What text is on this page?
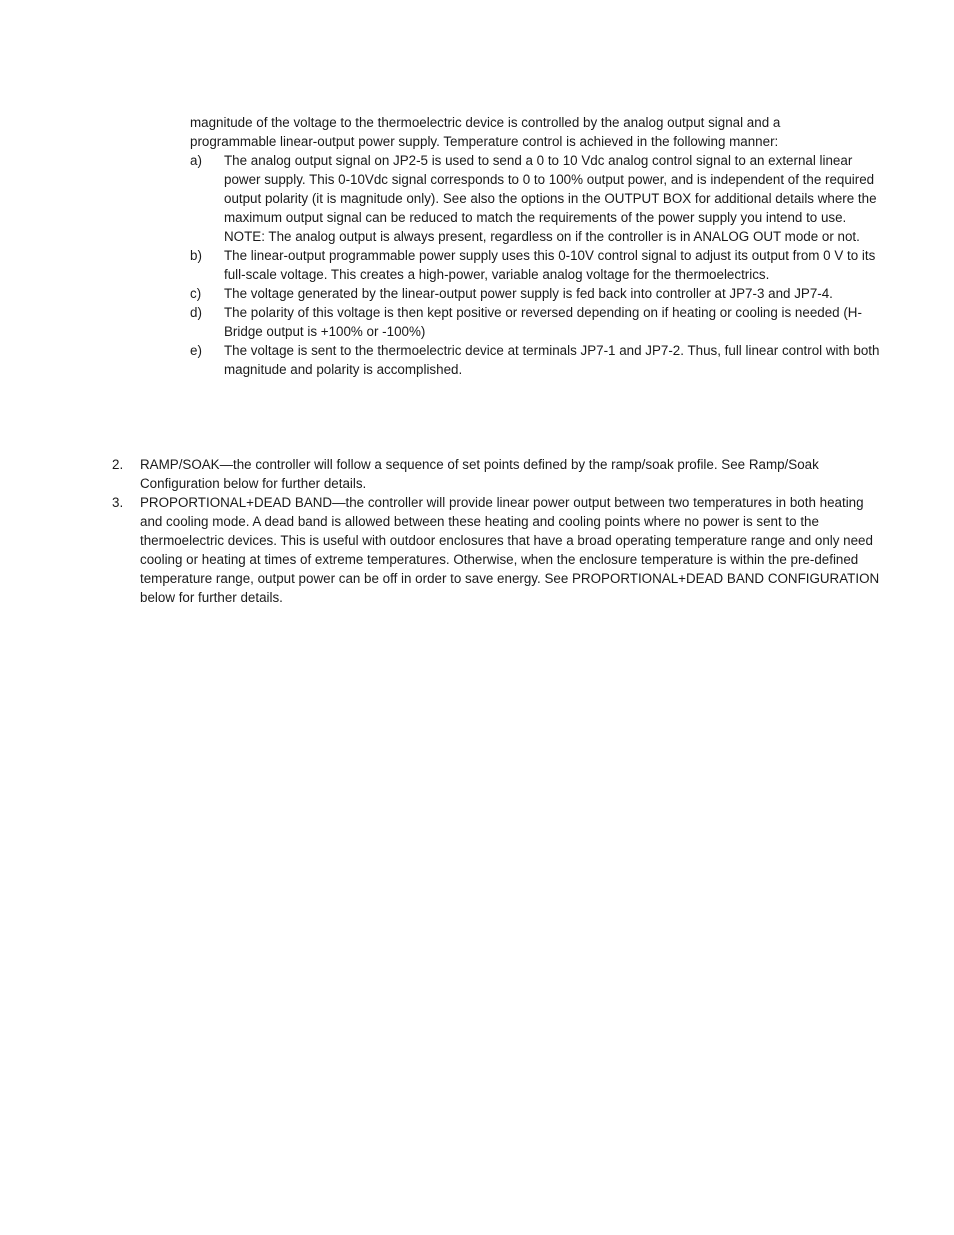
magnitude of the voltage to the thermoelectric device is controlled by the analog output signal and a

programmable linear-output power supply. Temperature control is achieved in the following manner:

a) The analog output signal on JP2-5 is used to send a 0 to 10 Vdc analog control signal to an external linear power supply. This 0-10Vdc signal corresponds to 0 to 100% output power, and is independent of the required output polarity (it is magnitude only). See also the options in the OUTPUT BOX for additional details where the maximum output signal can be reduced to match the requirements of the power supply you intend to use.
NOTE: The analog output is always present, regardless on if the controller is in ANALOG OUT mode or not.
b) The linear-output programmable power supply uses this 0-10V control signal to adjust its output from 0 V to its full-scale voltage. This creates a high-power, variable analog voltage for the thermoelectrics.
c) The voltage generated by the linear-output power supply is fed back into controller at JP7-3 and JP7-4.
d) The polarity of this voltage is then kept positive or reversed depending on if heating or cooling is needed (H-Bridge output is +100% or -100%)
e) The voltage is sent to the thermoelectric device at terminals JP7-1 and JP7-2. Thus, full linear control with both magnitude and polarity is accomplished.
2. RAMP/SOAK—the controller will follow a sequence of set points defined by the ramp/soak profile. See Ramp/Soak Configuration below for further details.
3. PROPORTIONAL+DEAD BAND—the controller will provide linear power output between two temperatures in both heating and cooling mode. A dead band is allowed between these heating and cooling points where no power is sent to the thermoelectric devices. This is useful with outdoor enclosures that have a broad operating temperature range and only need cooling or heating at times of extreme temperatures. Otherwise, when the enclosure temperature is within the pre-defined temperature range, output power can be off in order to save energy. See PROPORTIONAL+DEAD BAND CONFIGURATION below for further details.
